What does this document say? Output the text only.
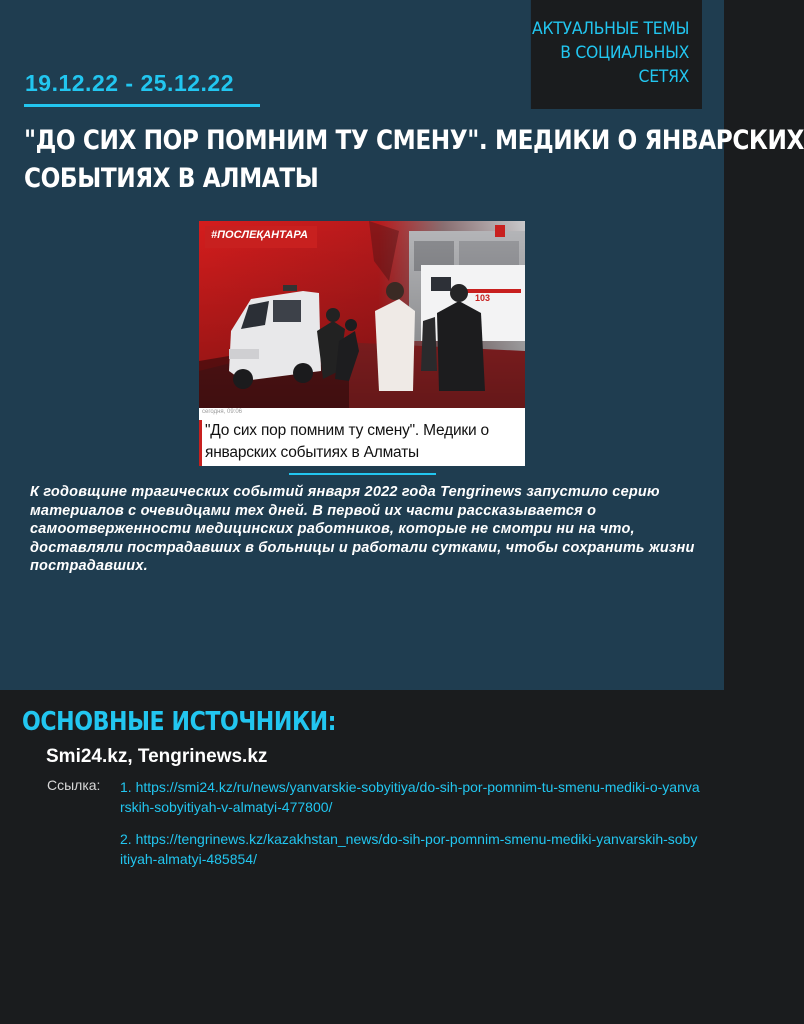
АКТУАЛЬНЫЕ ТЕМЫ
В СОЦИАЛЬНЫХ
СЕТЯХ
19.12.22 - 25.12.22
"ДО СИХ ПОР ПОМНИМ ТУ СМЕНУ". МЕДИКИ О ЯНВАРСКИХ
СОБЫТИЯХ В АЛМАТЫ
103
#ПОСЛЕҚАНТАРА
сегодня, 09:06
"До сих пор помним ту смену". Медики о январских событиях в Алматы
К годовщине трагических событий января 2022 года Tengrinews запустило серию материалов с очевидцами тех дней. В первой их части рассказывается о самоотверженности медицинских работников, которые не смотри ни на что, доставляли пострадавших в больницы и работали сутками, чтобы сохранить жизни пострадавших.
ОСНОВНЫЕ ИСТОЧНИКИ:
Smi24.kz, Tengrinews.kz
Ссылка: 1. https://smi24.kz/ru/news/yanvarskie-sobyitiya/do-sih-por-pomnim-tu-smenu-mediki-o-yanvarskih-sobyitiyah-v-almatyi-477800/
2. https://tengrinews.kz/kazakhstan_news/do-sih-por-pomnim-smenu-mediki-yanvarskih-sobyitiyah-almatyi-485854/
